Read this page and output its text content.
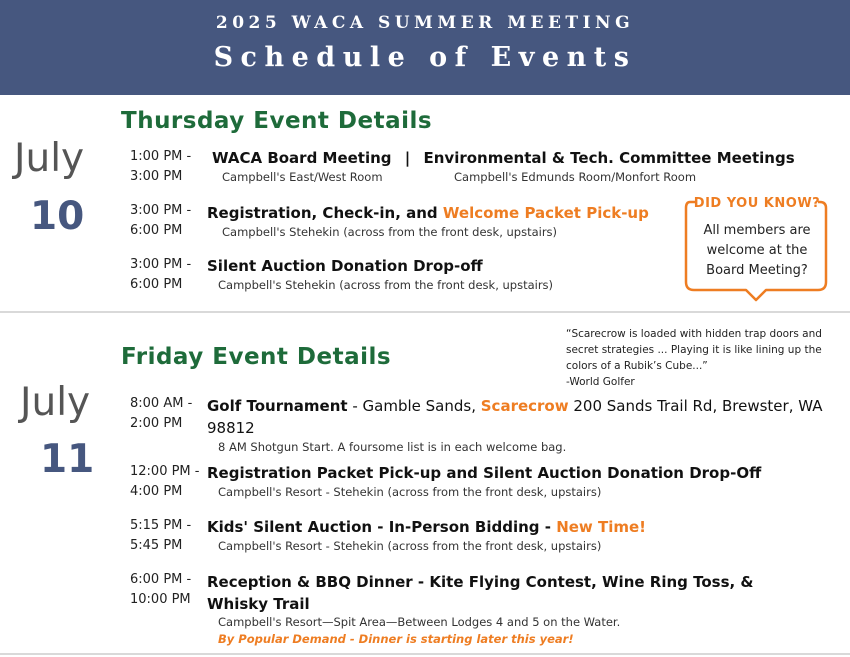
2025 WACA SUMMER MEETING
Schedule of Events
Thursday Event Details
July
10
1:00 PM -
3:00 PM
WACA Board Meeting | Environmental & Tech. Committee Meetings
Campbell's East/West Room	Campbell's Edmunds Room/Monfort Room
3:00 PM -
6:00 PM
Registration, Check-in, and Welcome Packet Pick-up
Campbell's Stehekin (across from the front desk, upstairs)
3:00 PM -
6:00 PM
Silent Auction Donation Drop-off
Campbell's Stehekin (across from the front desk, upstairs)
DID YOU KNOW?
All members are welcome at the Board Meeting?
“Scarecrow is loaded with hidden trap doors and secret strategies ... Playing it is like lining up the colors of a Rubik’s Cube...”
-World Golfer
Friday Event Details
July
11
8:00 AM -
2:00 PM
Golf Tournament - Gamble Sands, Scarecrow 200 Sands Trail Rd, Brewster, WA 98812
8 AM Shotgun Start. A foursome list is in each welcome bag.
12:00 PM -
4:00 PM
Registration Packet Pick-up and Silent Auction Donation Drop-Off
Campbell's Resort - Stehekin (across from the front desk, upstairs)
5:15 PM -
5:45 PM
Kids' Silent Auction - In-Person Bidding - New Time!
Campbell's Resort - Stehekin (across from the front desk, upstairs)
6:00 PM -
10:00 PM
Reception & BBQ Dinner - Kite Flying Contest, Wine Ring Toss, & Whisky Trail
Campbell's Resort—Spit Area—Between Lodges 4 and 5 on the Water.
By Popular Demand - Dinner is starting later this year!
